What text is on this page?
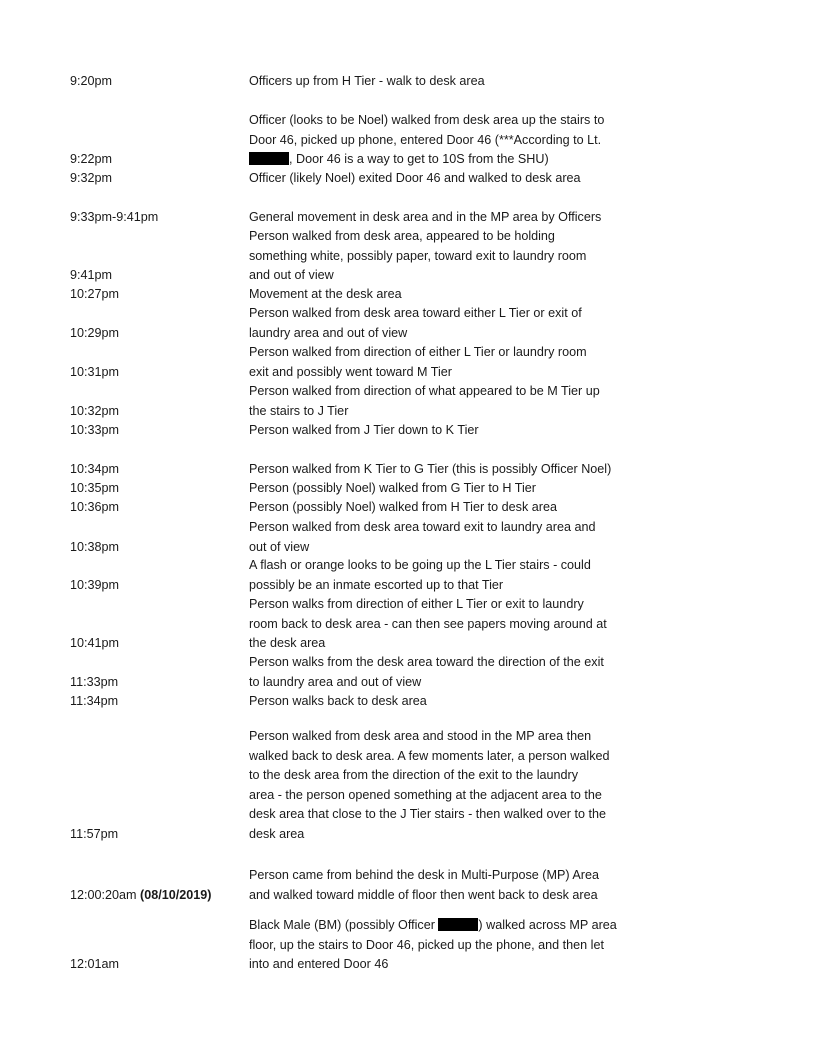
9:20pm	Officers up from H Tier - walk to desk area
9:22pm
Officer (looks to be Noel) walked from desk area up the stairs to
Door 46, picked up phone, entered Door 46 (***According to Lt.
, Door 46 is a way to get to 10S from the SHU)
9:32pm	Officer (likely Noel) exited Door 46 and walked to desk area
9:33pm-9:41pm	General movement in desk area and in the MP area by Officers
9:41pm
Person walked from desk area, appeared to be holding
something white, possibly paper, toward exit to laundry room
and out of view
10:27pm	Movement at the desk area
10:29pm
Person walked from desk area toward either L Tier or exit of
laundry area and out of view
10:31pm
Person walked from direction of either L Tier or laundry room
exit and possibly went toward M Tier
10:32pm
Person walked from direction of what appeared to be M Tier up
the stairs to J Tier
10:33pm	Person walked from J Tier down to K Tier
10:34pm	Person walked from K Tier to G Tier (this is possibly Officer Noel)
10:35pm	Person (possibly Noel) walked from G Tier to H Tier
10:36pm	Person (possibly Noel) walked from H Tier to desk area
10:38pm
Person walked from desk area toward exit to laundry area and
out of view
10:39pm
A flash or orange looks to be going up the L Tier stairs - could
possibly be an inmate escorted up to that Tier
10:41pm
Person walks from direction of either L Tier or exit to laundry
room back to desk area - can then see papers moving around at
the desk area
11:33pm
Person walks from the desk area toward the direction of the exit
to laundry area and out of view
11:34pm	Person walks back to desk area
11:57pm
Person walked from desk area and stood in the MP area then
walked back to desk area. A few moments later, a person walked
to the desk area from the direction of the exit to the laundry
area - the person opened something at the adjacent area to the
desk area that close to the J Tier stairs - then walked over to the
desk area
12:00:20am (08/10/2019)
Person came from behind the desk in Multi-Purpose (MP) Area
and walked toward middle of floor then went back to desk area
12:01am
Black Male (BM) (possibly Officer	) walked across MP area
floor, up the stairs to Door 46, picked up the phone, and then let
into and entered Door 46
